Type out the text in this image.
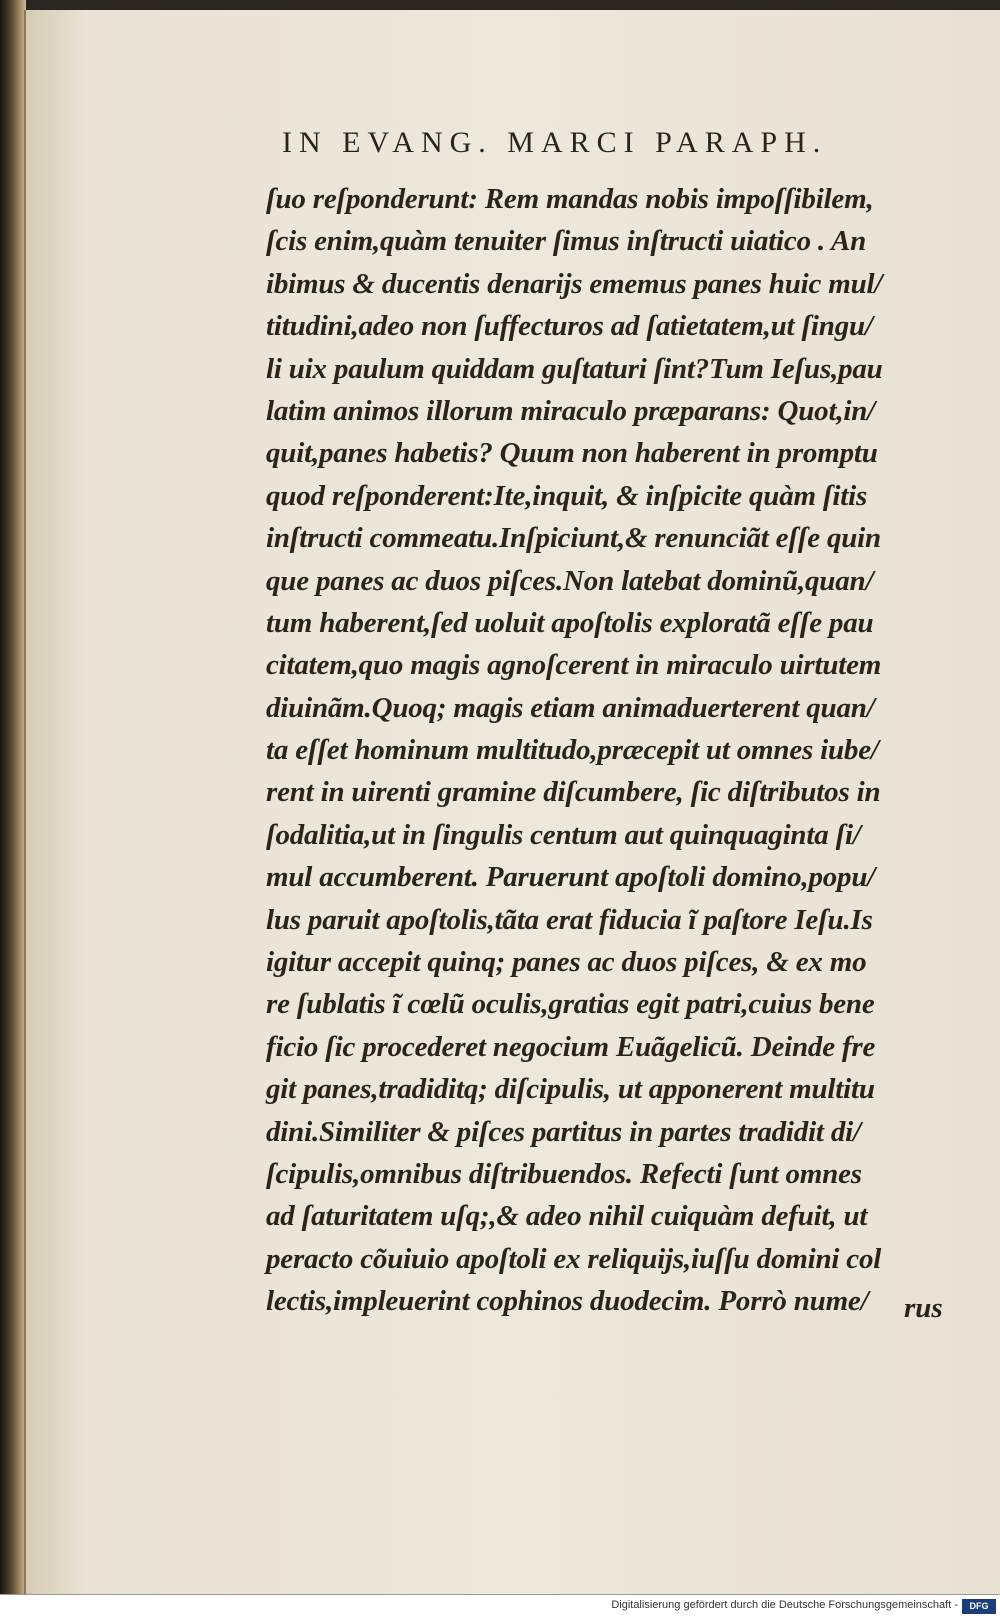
IN EVANG. MARCI PARAPH.
ſuo reſponderunt: Rem mandas nobis impoſſibilem,
ſcis enim,quàm tenuiter ſimus inſtructi uiatico . An
ibimus & ducentis denarijs ememus panes huic mul/
titudini,adeo non ſuffecturos ad ſatietatem,ut ſingu/
li uix paulum quiddam guſtaturi ſint?Tum Ieſus,pau
latim animos illorum miraculo præparans: Quot,in/
quit,panes habetis? Quum non haberent in promptu
quod reſponderent:Ite,inquit, & inſpicite quàm ſitis
inſtructi commeatu.Inſpiciunt,& renunciãt eſſe quin
que panes ac duos piſces.Non latebat dominũ,quan/
tum haberent,ſed uoluit apoſtolis exploratã eſſe pau
citatem,quo magis agnoſcerent in miraculo uirtutem
diuinãm.Quoq; magis etiam animaduerterent quan/
ta eſſet hominum multitudo,præcepit ut omnes iube/
rent in uirenti gramine diſcumbere, ſic diſtributos in
ſodalitia,ut in ſingulis centum aut quinquaginta ſi/
mul accumberent. Paruerunt apoſtoli domino,popu/
lus paruit apoſtolis,tãta erat fiducia ĩ paſtore Ieſu.Is
igitur accepit quinq; panes ac duos piſces, & ex mo
re ſublatis ĩ cœlũ oculis,gratias egit patri,cuius bene
ficio ſic procederet negocium Euãgelicũ. Deinde fre
git panes,tradiditq; diſcipulis, ut apponerent multitu
dini.Similiter & piſces partitus in partes tradidit di/
ſcipulis,omnibus diſtribuendos. Refecti ſunt omnes
ad ſaturitatem uſq;,& adeo nihil cuiquàm defuit, ut
peracto cõuiuio apoſtoli ex reliquijs,iuſſu domini col
lectis,impleuerint cophinos duodecim. Porrò nume/	rus
Digitalisierung gefördert durch die Deutsche Forschungsgemeinschaft -	DFG
